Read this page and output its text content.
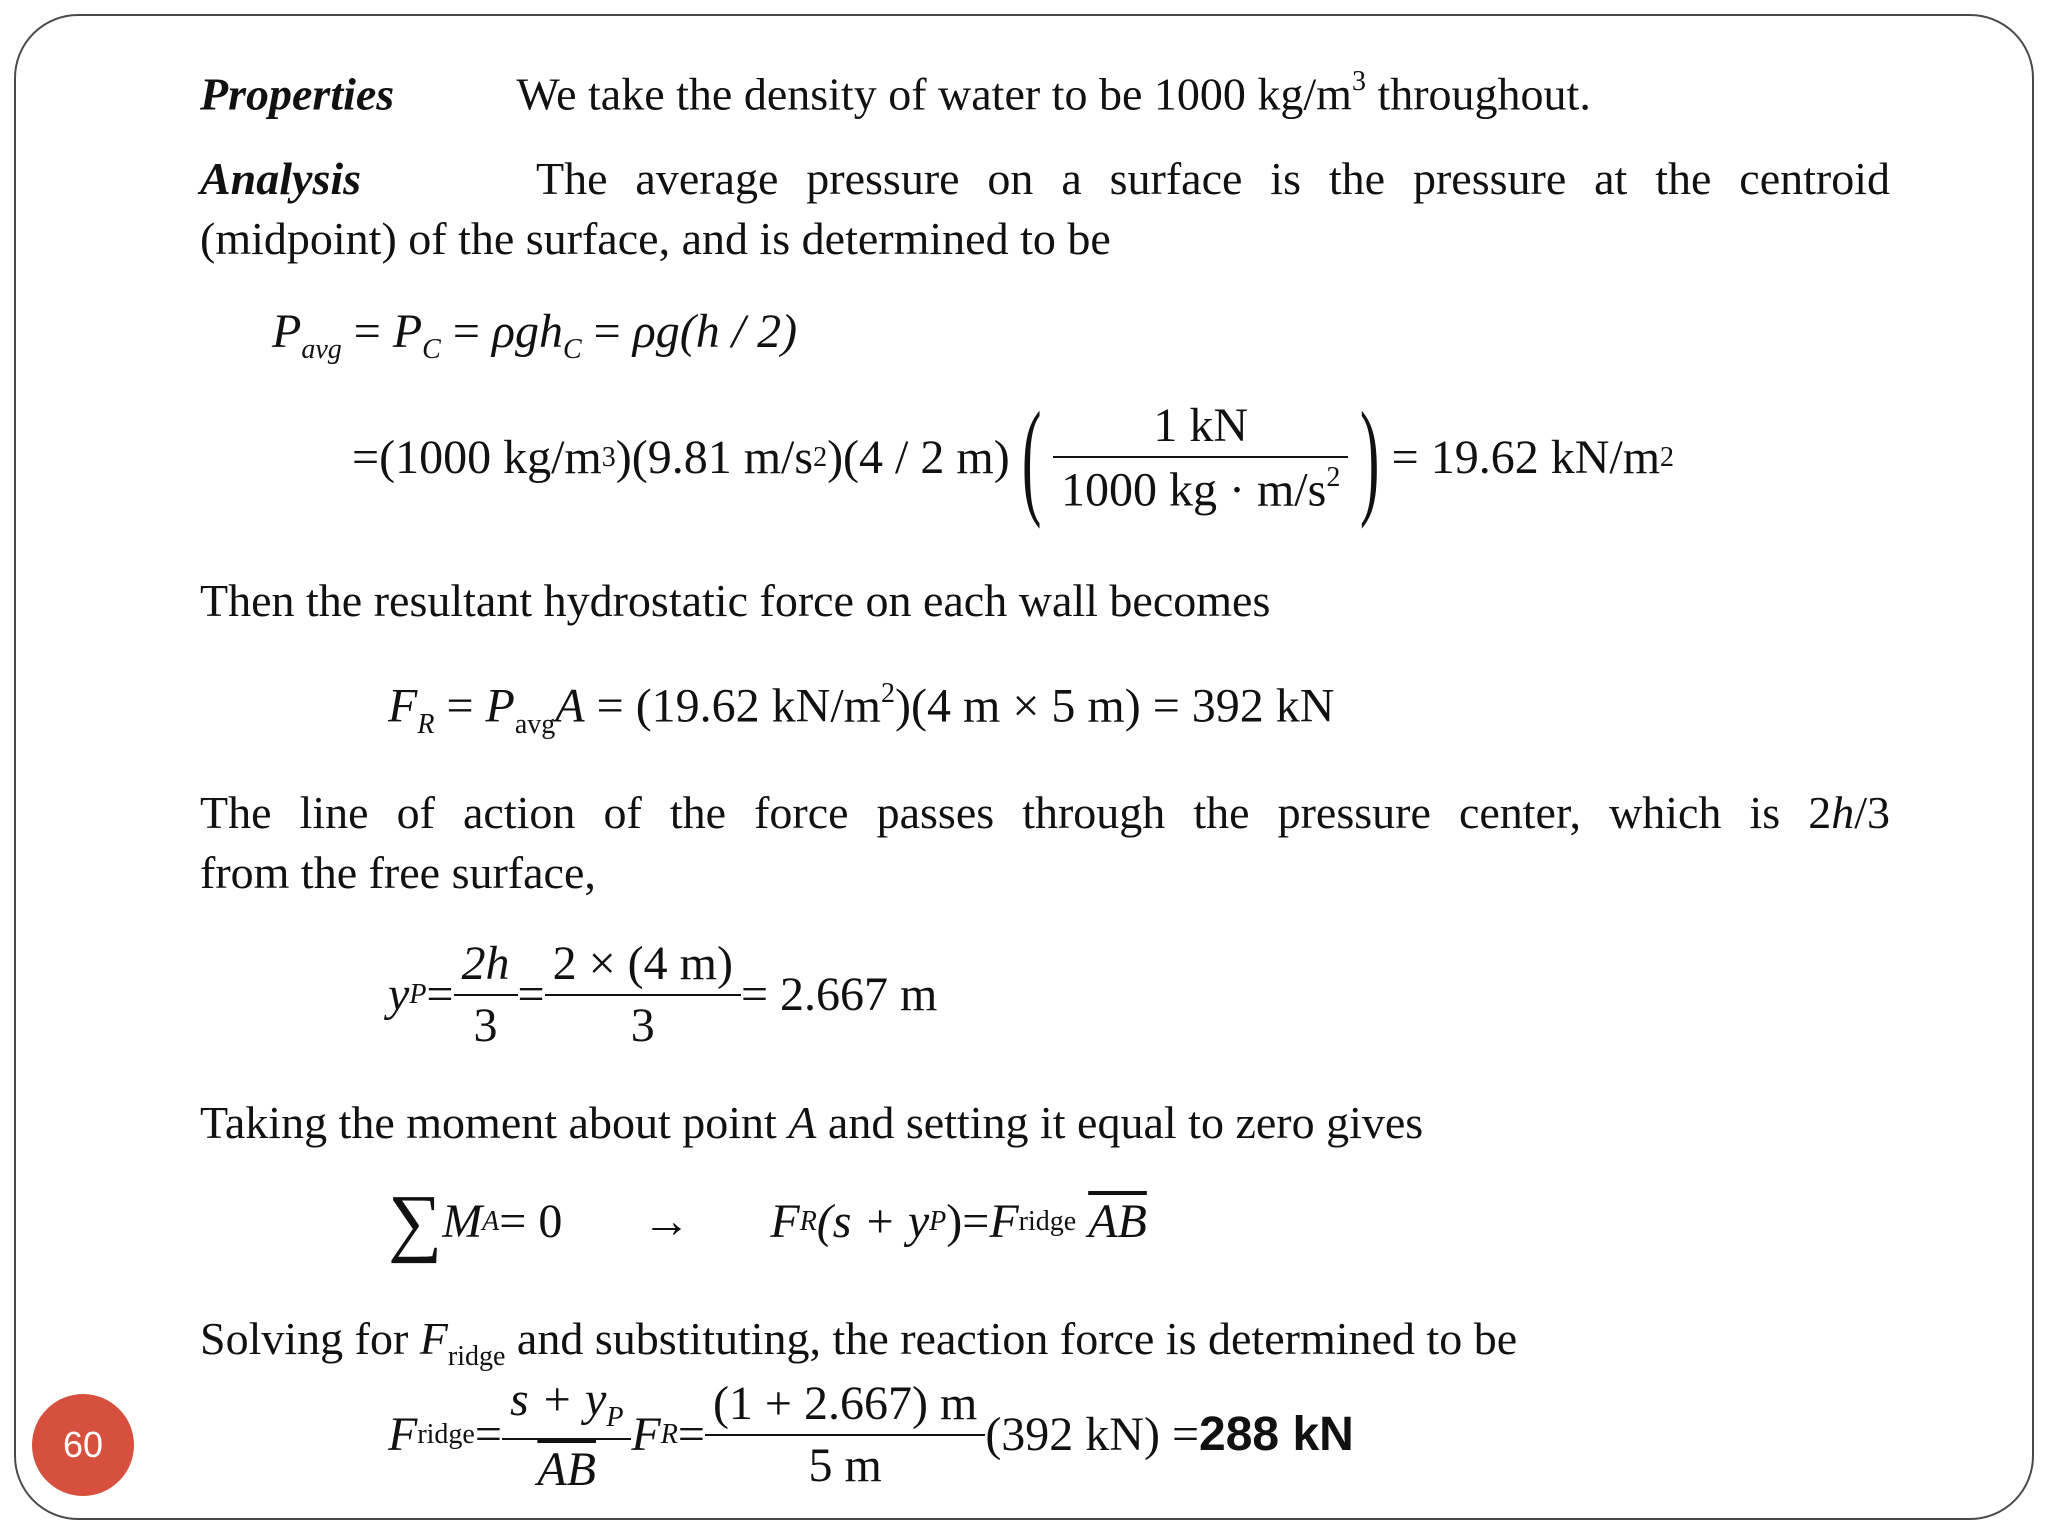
Properties	We take the density of water to be 1000 $kg/m^3$ throughout.
Analysis	The average pressure on a surface is the pressure at the centroid
(midpoint) of the surface, and is determined to be
$P_{avg} = P_C = \rho gh_C = \rho g(h / 2)$
= (1000 kg/m 3 ) (9.81 m/s 2 ) (4 / 2 m) ( $\frac{1 kN}{1000 kg \cdot m/s^2}$ ) = 19.62 kN/m 2
Then the resultant hydrostatic force on each wall becomes
$F_R = P_{avg}A = (19.62$ $kN/m^2)(4$ m × 5 m) = 392 kN
The line of action of the force passes through the pressure center, which is 2h/3
from the free surface,
y $P = \frac{2h}{3} = \frac{2 \times (4 m)}{3} = 2.667$ m
Taking the moment about point A and setting it equal to zero gives
∑ M A = 0 → F R (s + y P ) = F ridge
$\overline{AB}$
Solving for $F_{ridge}$ and substituting, the reaction force is determined to be
F ridge = $\frac{s + y_P}{AB}$ F $R = \frac{(1 + 2.667) m}{5 m} (392$ kN) = 288 kN
60
